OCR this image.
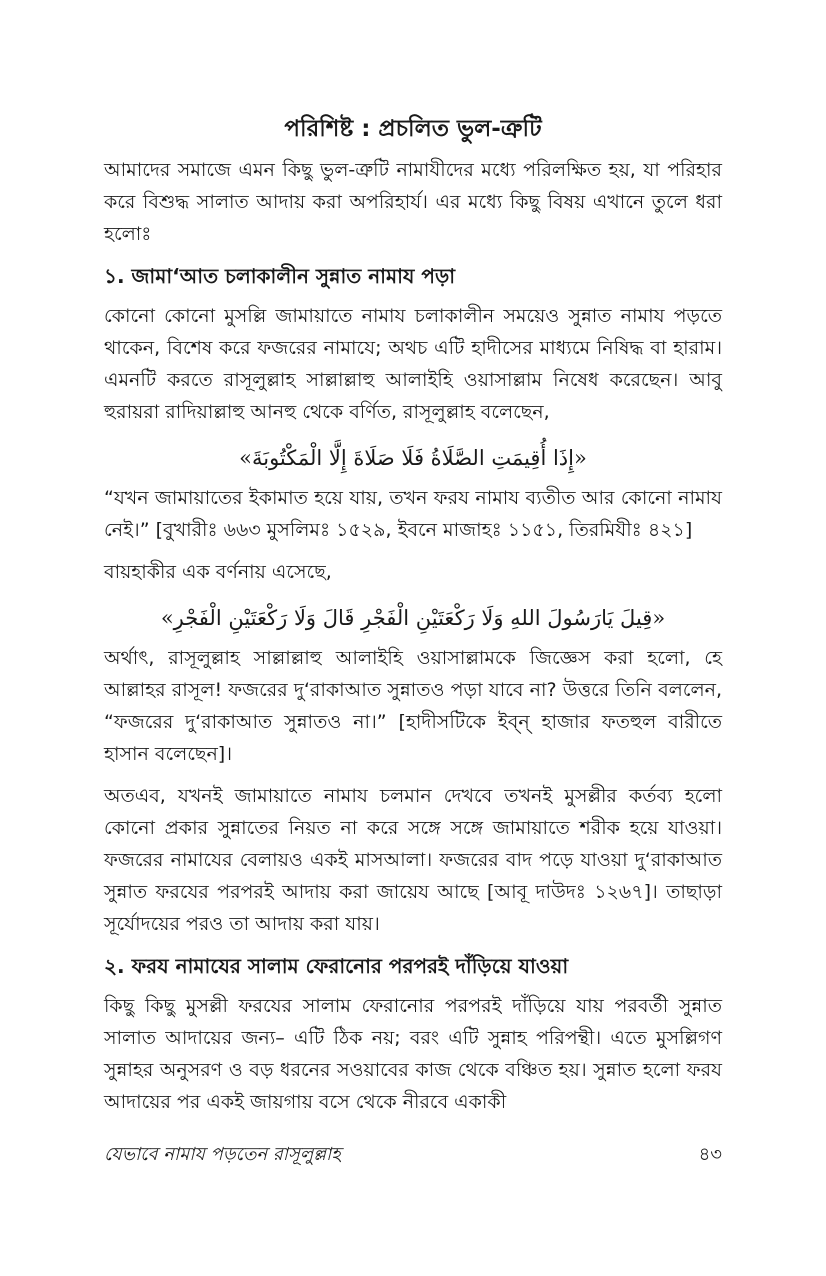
পরিশিষ্ট : প্রচলিত ভুল-ত্রুটি

আমাদের সমাজে এমন কিছু ভুল-ত্রুটি নামাযীদের মধ্যে পরিলক্ষিত হয়, যা পরিহার করে বিশুদ্ধ সালাত আদায় করা অপরিহার্য। এর মধ্যে কিছু বিষয় এখানে তুলে ধরা হলোঃ

১. জামা‘আত চলাকালীন সুন্নাত নামায পড়া

কোনো কোনো মুসল্লি জামায়াতে নামায চলাকালীন সময়েও সুন্নাত নামায পড়তে থাকেন, বিশেষ করে ফজরের নামাযে; অথচ এটি হাদীসের মাধ্যমে নিষিদ্ধ বা হারাম। এমনটি করতে রাসূলুল্লাহ সাল্লাল্লাহু আলাইহি ওয়াসাল্লাম নিষেধ করেছেন। আবু হুরায়রা রাদিয়াল্লাহু আনহু থেকে বর্ণিত, রাসূলুল্লাহ বলেছেন,

«إِذَا أُقِيمَتِ الصَّلَاةُ فَلَا صَلَاةَ إِلَّا الْمَكْتُوبَةَ»

“যখন জামায়াতের ইকামাত হয়ে যায়, তখন ফরয নামায ব্যতীত আর কোনো নামায নেই।” [বুখারীঃ ৬৬৩ মুসলিমঃ ১৫২৯, ইবনে মাজাহঃ ১১৫১, তিরমিযীঃ ৪২১]

বায়হাকীর এক বর্ণনায় এসেছে,

«قِيلَ يَارَسُولَ اللهِ وَلَا رَكْعَتَيْنِ الْفَجْرِ قَالَ وَلَا رَكْعَتَيْنِ الْفَجْرِ»

অর্থাৎ, রাসূলুল্লাহ সাল্লাল্লাহু আলাইহি ওয়াসাল্লামকে জিজ্ঞেস করা হলো, হে আল্লাহর রাসূল! ফজরের দু‘রাকাআত সুন্নাতও পড়া যাবে না? উত্তরে তিনি বললেন, “ফজরের দু‘রাকাআত সুন্নাতও না।” [হাদীসটিকে ইব্‌ন্‌ হাজার ফতহুল বারীতে হাসান বলেছেন]।

অতএব, যখনই জামায়াতে নামায চলমান দেখবে তখনই মুসল্লীর কর্তব্য হলো কোনো প্রকার সুন্নাতের নিয়ত না করে সঙ্গে সঙ্গে জামায়াতে শরীক হয়ে যাওয়া। ফজরের নামাযের বেলায়ও একই মাসআলা। ফজরের বাদ পড়ে যাওয়া দু‘রাকাআত সুন্নাত ফরযের পরপরই আদায় করা জায়েয আছে [আবূ দাউদঃ ১২৬৭]। তাছাড়া সূর্যোদয়ের পরও তা আদায় করা যায়।

২. ফরয নামাযের সালাম ফেরানোর পরপরই দাঁড়িয়ে যাওয়া

কিছু কিছু মুসল্লী ফরযের সালাম ফেরানোর পরপরই দাঁড়িয়ে যায় পরবর্তী সুন্নাত সালাত আদায়ের জন্য– এটি ঠিক নয়; বরং এটি সুন্নাহ পরিপন্থী। এতে মুসল্লিগণ সুন্নাহর অনুসরণ ও বড় ধরনের সওয়াবের কাজ থেকে বঞ্চিত হয়। সুন্নাত হলো ফরয আদায়ের পর একই জায়গায় বসে থেকে নীরবে একাকী

যেভাবে নামায পড়তেন রাসূলুল্লাহ	৪৩
